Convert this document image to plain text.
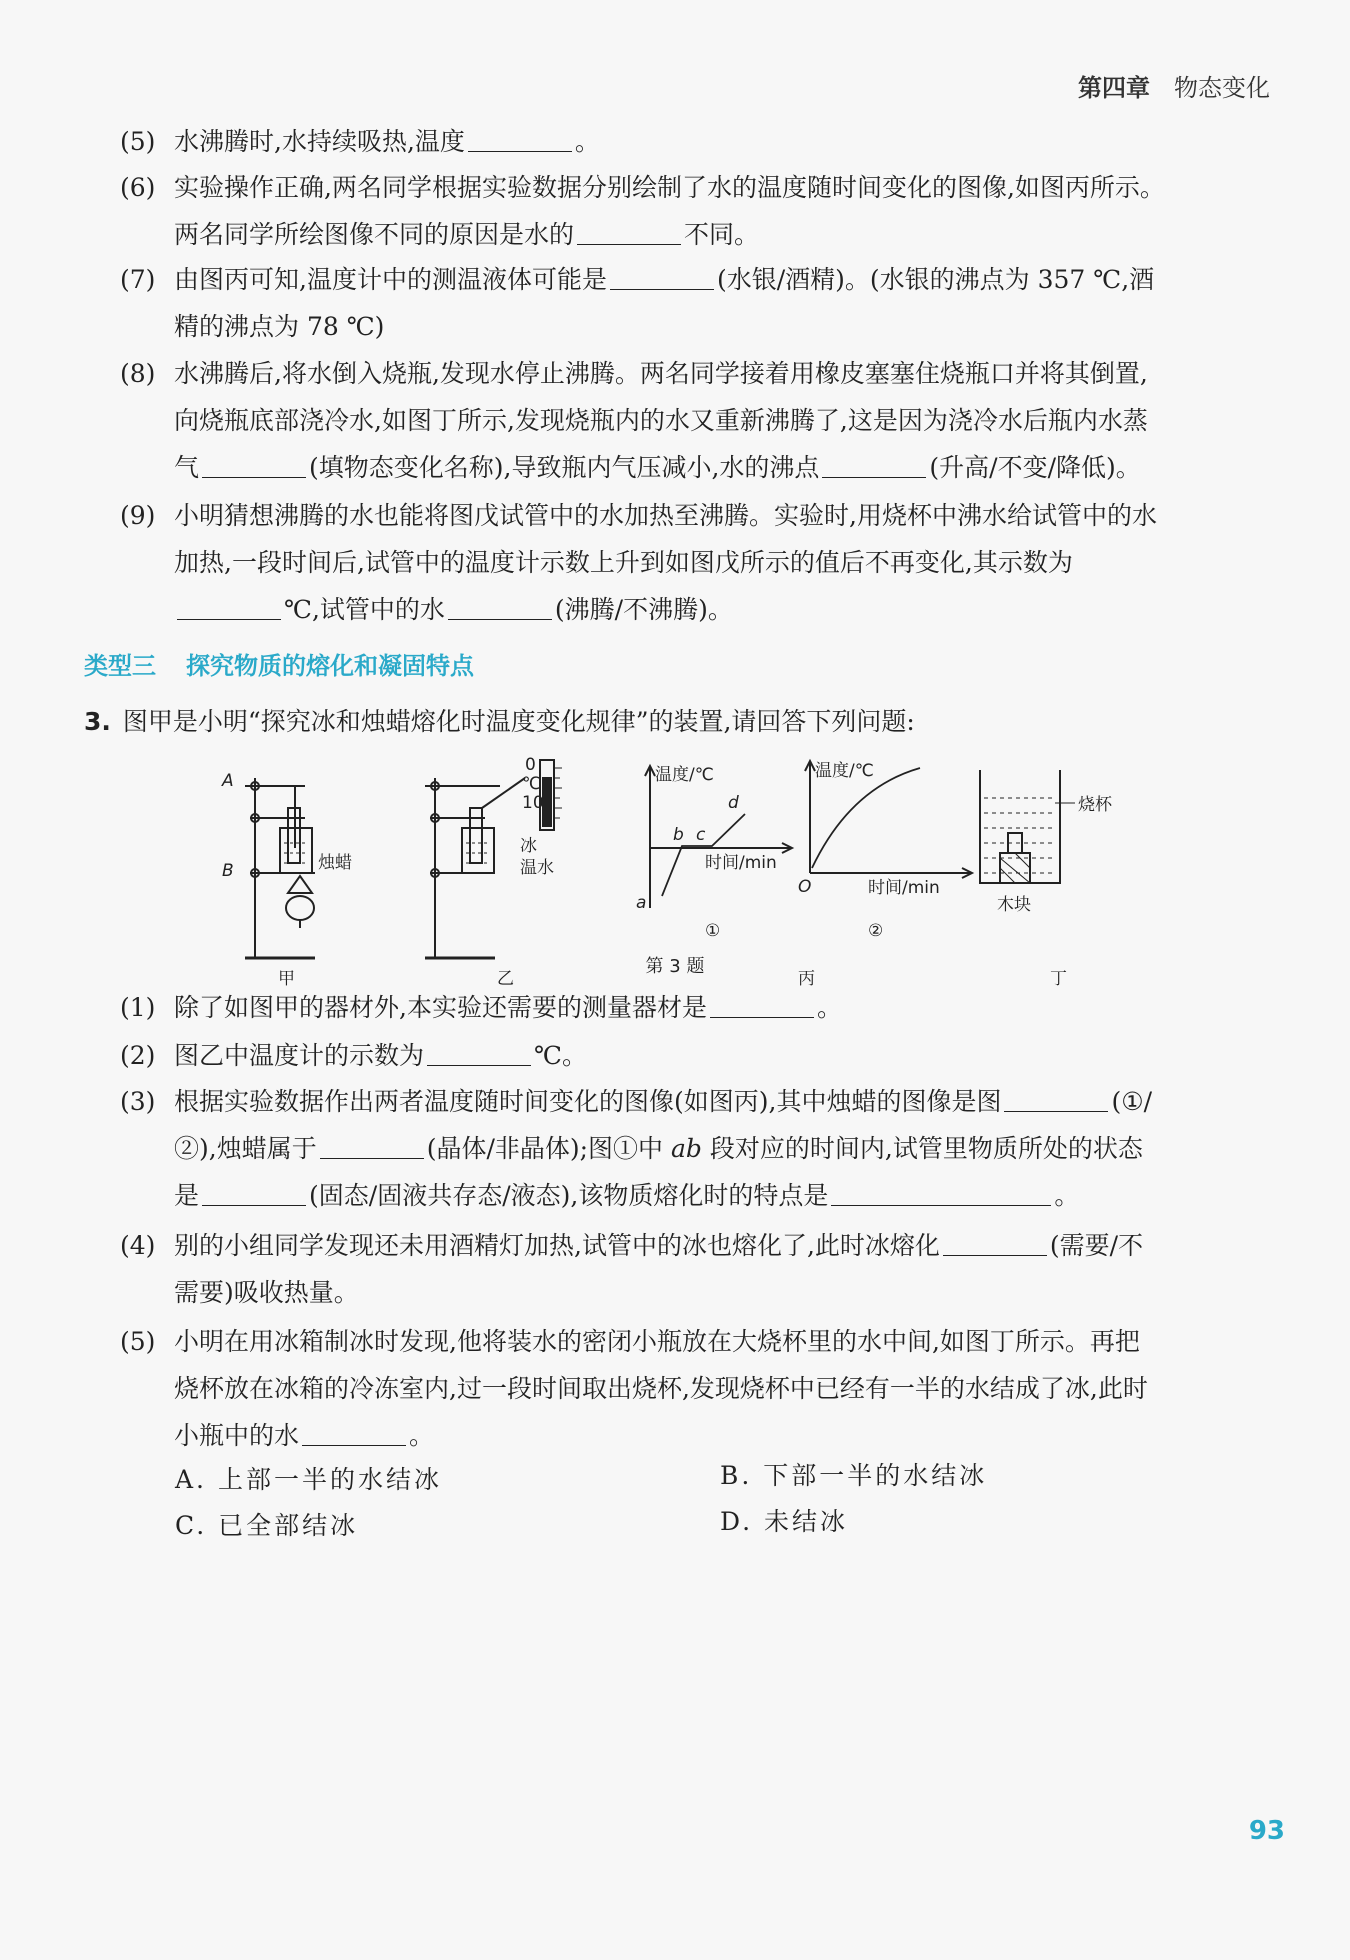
第四章 物态变化
(5) 水沸腾时,水持续吸热,温度	。
(6) 实验操作正确,两名同学根据实验数据分别绘制了水的温度随时间变化的图像,如图丙所示。
两名同学所绘图像不同的原因是水的	不同。
(7) 由图丙可知,温度计中的测温液体可能是	(水银/酒精)。(水银的沸点为 357 ℃,酒
精的沸点为 78 ℃)
(8) 水沸腾后,将水倒入烧瓶,发现水停止沸腾。两名同学接着用橡皮塞塞住烧瓶口并将其倒置,
向烧瓶底部浇冷水,如图丁所示,发现烧瓶内的水又重新沸腾了,这是因为浇冷水后瓶内水蒸
气	(填物态变化名称),导致瓶内气压减小,水的沸点	(升高/不变/降低)。
(9) 小明猜想沸腾的水也能将图戊试管中的水加热至沸腾。实验时,用烧杯中沸水给试管中的水
加热,一段时间后,试管中的温度计示数上升到如图戊所示的值后不再变化,其示数为
℃,试管中的水	(沸腾/不沸腾)。
类型三 探究物质的熔化和凝固特点
3. 图甲是小明“探究冰和烛蜡熔化时温度变化规律”的装置,请回答下列问题:
A
B	烛蜡
甲
0
℃
10
冰
温水
乙
温度/℃
时间/min
a
b c
d
①
温度/℃
时间/min
O
②
丙
烧杯
木块
丁
第 3 题
(1) 除了如图甲的器材外,本实验还需要的测量器材是	。
(2) 图乙中温度计的示数为	℃。
(3) 根据实验数据作出两者温度随时间变化的图像(如图丙),其中烛蜡的图像是图	(①/
②),烛蜡属于	(晶体/非晶体);图①中 ab 段对应的时间内,试管里物质所处的状态
是	(固态/固液共存态/液态),该物质熔化时的特点是	。
(4) 别的小组同学发现还未用酒精灯加热,试管中的冰也熔化了,此时冰熔化	(需要/不
需要)吸收热量。
(5) 小明在用冰箱制冰时发现,他将装水的密闭小瓶放在大烧杯里的水中间,如图丁所示。再把
烧杯放在冰箱的冷冻室内,过一段时间取出烧杯,发现烧杯中已经有一半的水结成了冰,此时
小瓶中的水	。
A. 上部一半的水结冰	B. 下部一半的水结冰
C. 已全部结冰	D. 未结冰
93
